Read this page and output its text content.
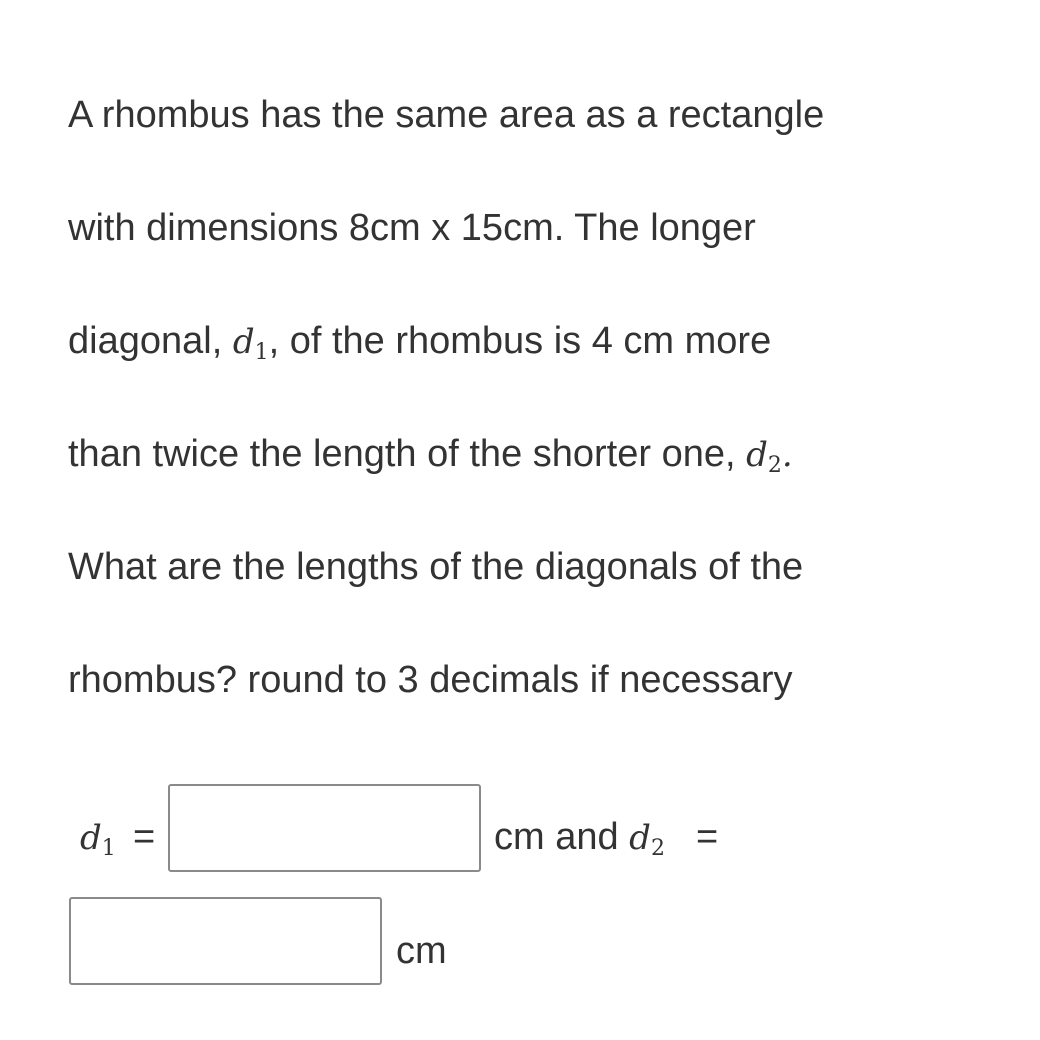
A rhombus has the same area as a rectangle
with dimensions 8cm x 15cm. The longer
diagonal, $d_1$, of the rhombus is 4 cm more
than twice the length of the shorter one, $d_2$.
What are the lengths of the diagonals of the
rhombus? round to 3 decimals if necessary
$d_1$ =	cm and $d_2$ =
cm
